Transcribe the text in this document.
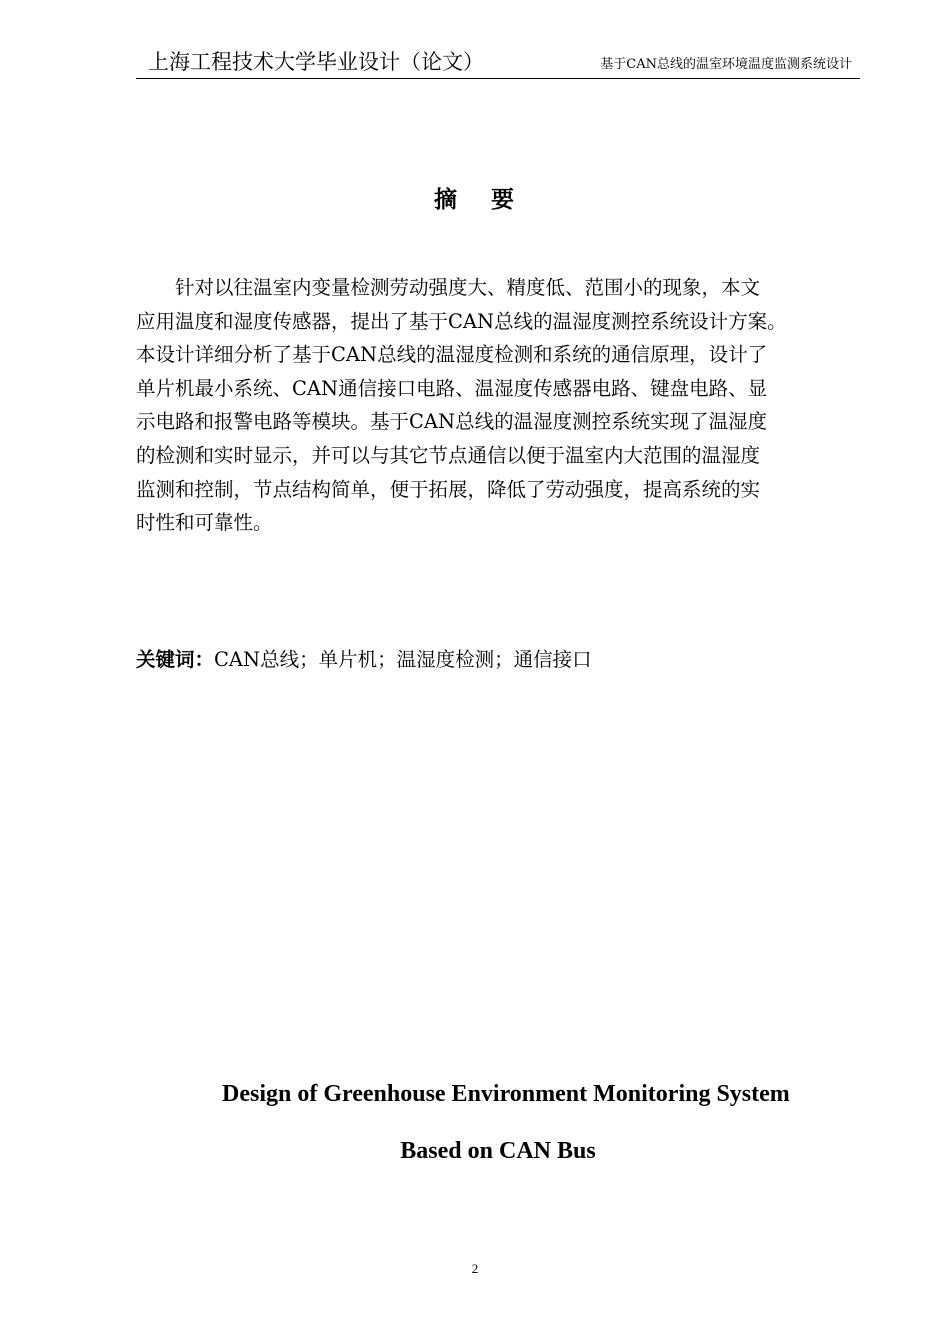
上海工程技术大学毕业设计（论文）	基于CAN总线的温室环境温度监测系统设计
摘 要
针对以往温室内变量检测劳动强度大、精度低、范围小的现象，本文
应用温度和湿度传感器，提出了基于CAN总线的温湿度测控系统设计方案。
本设计详细分析了基于CAN总线的温湿度检测和系统的通信原理，设计了
单片机最小系统、CAN通信接口电路、温湿度传感器电路、键盘电路、显
示电路和报警电路等模块。基于CAN总线的温湿度测控系统实现了温湿度
的检测和实时显示，并可以与其它节点通信以便于温室内大范围的温湿度
监测和控制，节点结构简单，便于拓展，降低了劳动强度，提高系统的实
时性和可靠性。
关键词：CAN总线；单片机；温湿度检测；通信接口
Design of Greenhouse Environment Monitoring System
Based on CAN Bus
2
